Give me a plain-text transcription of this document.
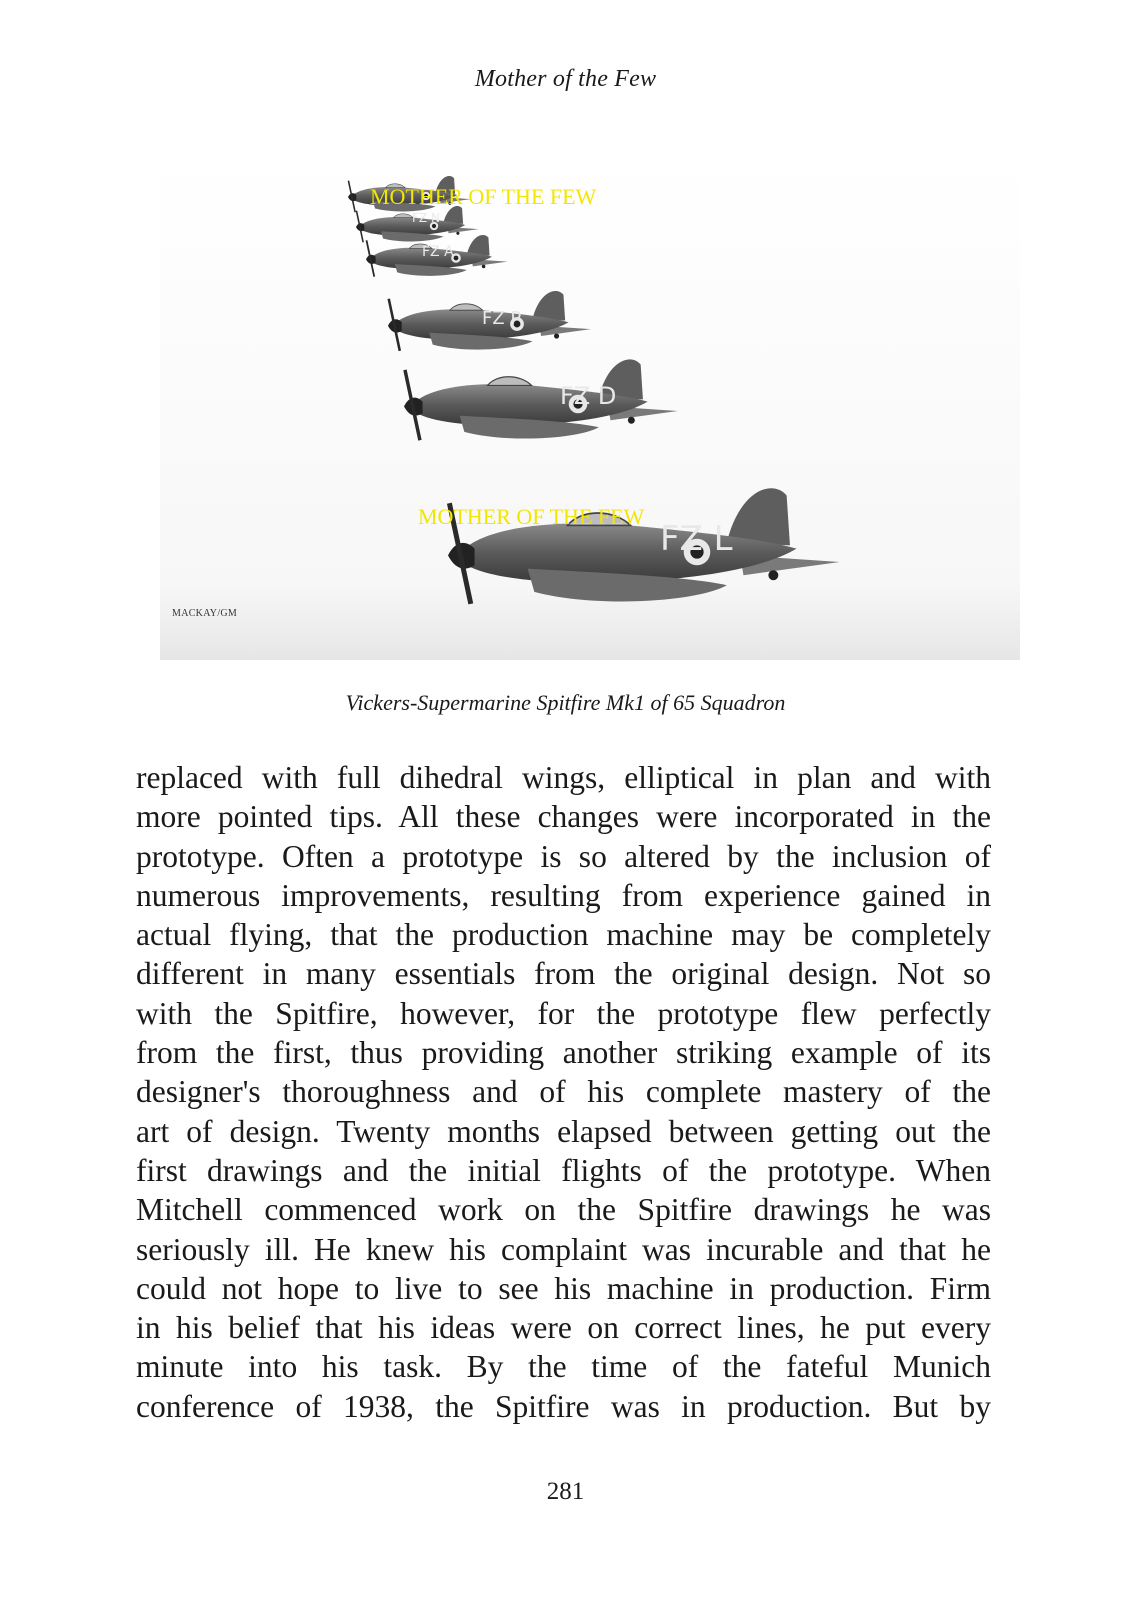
Mother of the Few
FZ N
FZ A
FZ P
FZ D
FZ L
MOTHER OF THE FEW
MOTHER OF THE FEW
MACKAY/GM
Vickers-Supermarine Spitfire Mk1 of 65 Squadron
replaced with full dihedral wings, elliptical in plan and with
more pointed tips. All these changes were incorporated in the
prototype. Often a prototype is so altered by the inclusion of
numerous improvements, resulting from experience gained in
actual flying, that the production machine may be completely
different in many essentials from the original design. Not so
with the Spitfire, however, for the prototype flew perfectly
from the first, thus providing another striking example of its
designer's thoroughness and of his complete mastery of the
art of design. Twenty months elapsed between getting out the
first drawings and the initial flights of the prototype. When
Mitchell commenced work on the Spitfire drawings he was
seriously ill. He knew his complaint was incurable and that he
could not hope to live to see his machine in production. Firm
in his belief that his ideas were on correct lines, he put every
minute into his task. By the time of the fateful Munich
conference of 1938, the Spitfire was in production. But by
281
